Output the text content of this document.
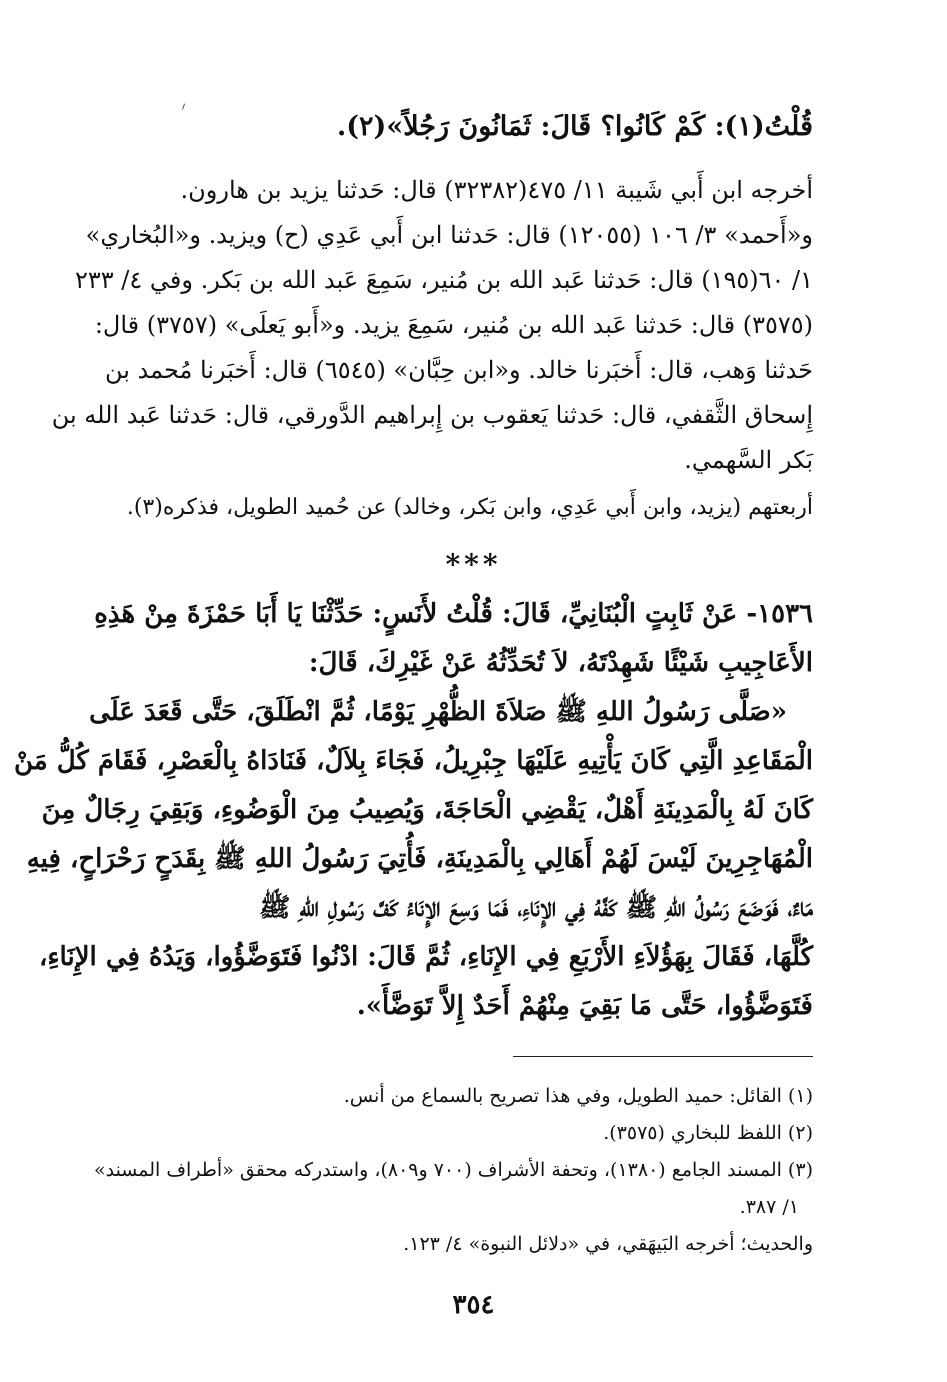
قُلْتُ(١): كَمْ كَانُوا؟ قَالَ: ثَمَانُونَ رَجُلاً»(٢).
أخرجه ابن أَبي شَيبة ١١/ ٤٧٥(٣٢٣٨٢) قال: حَدثنا يزيد بن هارون.
و«أَحمد» ٣/ ١٠٦ (١٢٠٥٥) قال: حَدثنا ابن أَبي عَدِي (ح) ويزيد. و«البُخاري»
١/ ٦٠(١٩٥) قال: حَدثنا عَبد الله بن مُنير، سَمِعَ عَبد الله بن بَكر. وفي ٤/ ٢٣٣
(٣٥٧٥) قال: حَدثنا عَبد الله بن مُنير، سَمِعَ يزيد. و«أَبو يَعلَى» (٣٧٥٧) قال:
حَدثنا وَهب، قال: أَخبَرنا خالد. و«ابن حِبَّان» (٦٥٤٥) قال: أَخبَرنا مُحمد بن
إِسحاق الثَّقفي، قال: حَدثنا يَعقوب بن إِبراهيم الدَّورقي، قال: حَدثنا عَبد الله بن
بَكر السَّهمي.
أربعتهم (يزيد، وابن أَبي عَدِي، وابن بَكر، وخالد) عن حُميد الطويل، فذكره(٣).
***
١٥٣٦- عَنْ ثَابِتٍ الْبُنَانِيِّ، قَالَ: قُلْتُ لأَنَسٍ: حَدِّثْنَا يَا أَبَا حَمْزَةَ مِنْ هَذِهِ
الأَعَاجِيبِ شَيْئًا شَهِدْتَهُ، لاَ تُحَدِّثُهُ عَنْ غَيْرِكَ، قَالَ:
«صَلَّى رَسُولُ اللهِ ﷺ صَلاَةَ الظُّهْرِ يَوْمًا، ثُمَّ انْطَلَقَ، حَتَّى قَعَدَ عَلَى
الْمَقَاعِدِ الَّتِي كَانَ يَأْتِيهِ عَلَيْهَا جِبْرِيلُ، فَجَاءَ بِلاَلٌ، فَنَادَاهُ بِالْعَصْرِ، فَقَامَ كُلُّ مَنْ
كَانَ لَهُ بِالْمَدِينَةِ أَهْلٌ، يَقْضِي الْحَاجَةَ، وَيُصِيبُ مِنَ الْوَضُوءِ، وَبَقِيَ رِجَالٌ مِنَ
الْمُهَاجِرِينَ لَيْسَ لَهُمْ أَهَالِي بِالْمَدِينَةِ، فَأُتِيَ رَسُولُ اللهِ ﷺ بِقَدَحٍ رَحْرَاحٍ، فِيهِ
مَاءٌ، فَوَضَعَ رَسُولُ اللهِ ﷺ كَفَّهُ فِي الإِنَاءِ، فَمَا وَسِعَ الإِنَاءُ كَفَّ رَسُولِ اللهِ ﷺ
كُلَّهَا، فَقَالَ بِهَؤُلاَءِ الأَرْبَعِ فِي الإِنَاءِ، ثُمَّ قَالَ: ادْنُوا فَتَوَضَّؤُوا، وَيَدُهُ فِي الإِنَاءِ،
فَتَوَضَّؤُوا، حَتَّى مَا بَقِيَ مِنْهُمْ أَحَدٌ إِلاَّ تَوَضَّأَ».
(١) القائل: حميد الطويل، وفي هذا تصريح بالسماع من أنس.
(٢) اللفظ للبخاري (٣٥٧٥).
(٣) المسند الجامع (١٣٨٠)، وتحفة الأشراف (٧٠٠ و٨٠٩)، واستدركه محقق «أطراف المسند»
١/ ٣٨٧.
والحديث؛ أخرجه البَيهَقي، في «دلائل النبوة» ٤/ ١٢٣.
٣٥٤
